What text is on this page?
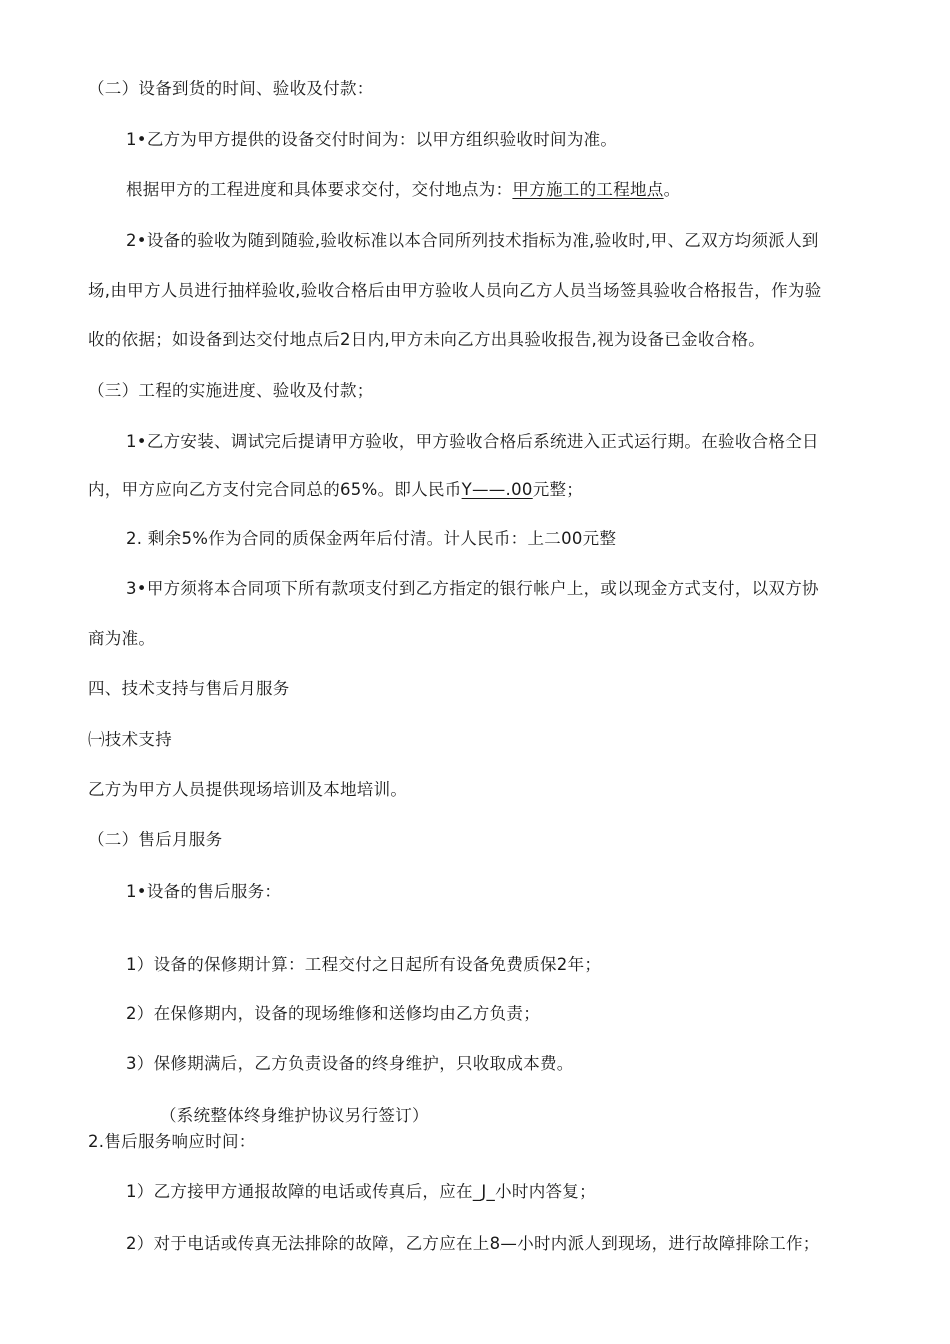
（二）设备到货的时间、验收及付款：
1•乙方为甲方提供的设备交付时间为：以甲方组织验收时间为准。
根据甲方的工程进度和具体要求交付，交付地点为：甲方施工的工程地点。
2•设备的验收为随到随验,验收标准以本合同所列技术指标为准,验收时,甲、乙双方均须派人到
场,由甲方人员进行抽样验收,验收合格后由甲方验收人员向乙方人员当场签具验收合格报告，作为验
收的依据；如设备到达交付地点后2日内,甲方未向乙方出具验收报告,视为设备已金收合格。
（三）工程的实施进度、验收及付款；
1•乙方安装、调试完后提请甲方验收，甲方验收合格后系统进入正式运行期。在验收合格仝日
内，甲方应向乙方支付完合同总的65%。即人民币Y——.00元整；
2. 剩余5%作为合同的质保金两年后付清。计人民币：上二00元整
3•甲方须将本合同项下所有款项支付到乙方指定的银行帐户上，或以现金方式支付，以双方协
商为准。
四、技术支持与售后月服务
㈠技术支持
乙方为甲方人员提供现场培训及本地培训。
（二）售后月服务
1•设备的售后服务：
1）设备的保修期计算：工程交付之日起所有设备免费质保2年；
2）在保修期内，设备的现场维修和送修均由乙方负责；
3）保修期满后，乙方负责设备的终身维护，只收取成本费。
（系统整体终身维护协议另行签订）
2.售后服务响应时间：
1）乙方接甲方通报故障的电话或传真后，应在_J_小时内答复；
2）对于电话或传真无法排除的故障，乙方应在上8—小时内派人到现场，进行故障排除工作；
